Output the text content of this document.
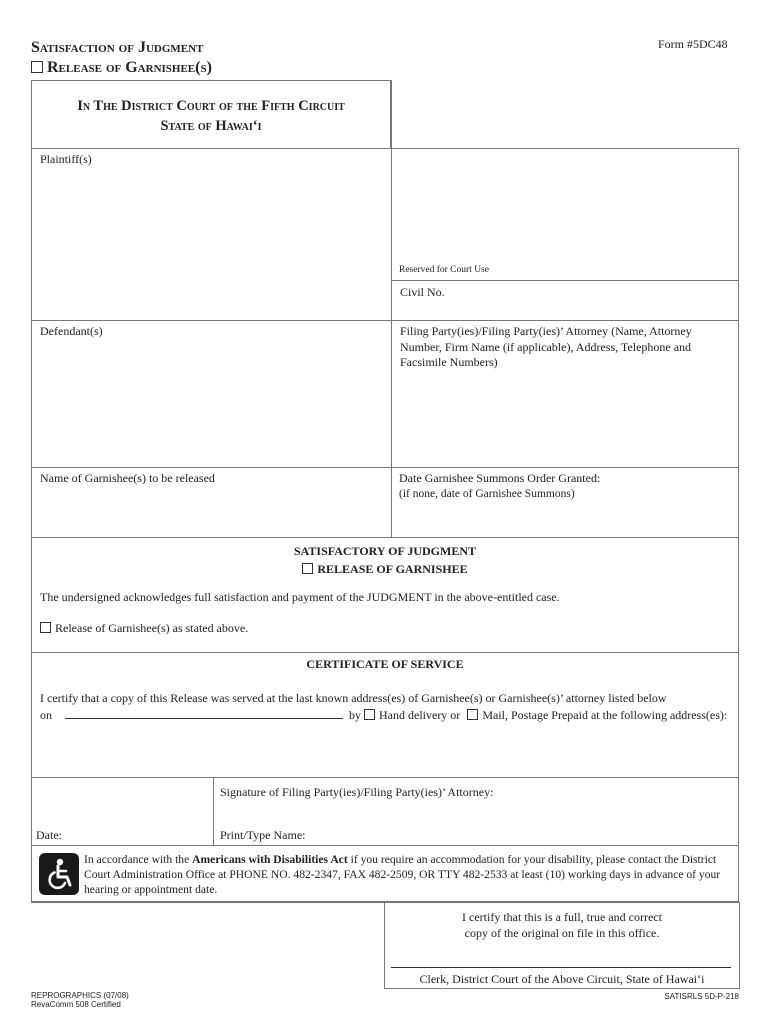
Satisfaction of Judgment
Release of Garnishee(s)
Form #5DC48
In The District Court of the Fifth Circuit
State of Hawai‘i
Plaintiff(s)
Reserved for Court Use
Civil No.
Defendant(s)	Filing Party(ies)/Filing Party(ies)’ Attorney (Name, Attorney Number, Firm Name (if applicable), Address, Telephone and Facsimile Numbers)
Name of Garnishee(s) to be released	Date Garnishee Summons Order Granted:
(if none, date of Garnishee Summons)
SATISFACTORY OF JUDGMENT
RELEASE OF GARNISHEE
The undersigned acknowledges full satisfaction and payment of the JUDGMENT in the above-entitled case.
Release of Garnishee(s) as stated above.
CERTIFICATE OF SERVICE
I certify that a copy of this Release was served at the last known address(es) of Garnishee(s) or Garnishee(s)’ attorney listed below
on	by Hand delivery or Mail, Postage Prepaid at the following address(es):
Signature of Filing Party(ies)/Filing Party(ies)’ Attorney:
Date:	Print/Type Name:
In accordance with the Americans with Disabilities Act if you require an accommodation for your disability, please contact the District Court Administration Office at PHONE NO. 482-2347, FAX 482-2509, OR TTY 482-2533 at least (10) working days in advance of your hearing or appointment date.
I certify that this is a full, true and correct
copy of the original on file in this office.
Clerk, District Court of the Above Circuit, State of Hawai‘i
REPROGRAPHICS (07/08)
RevaComm 508 Certified
SATISRLS 5D-P-218
